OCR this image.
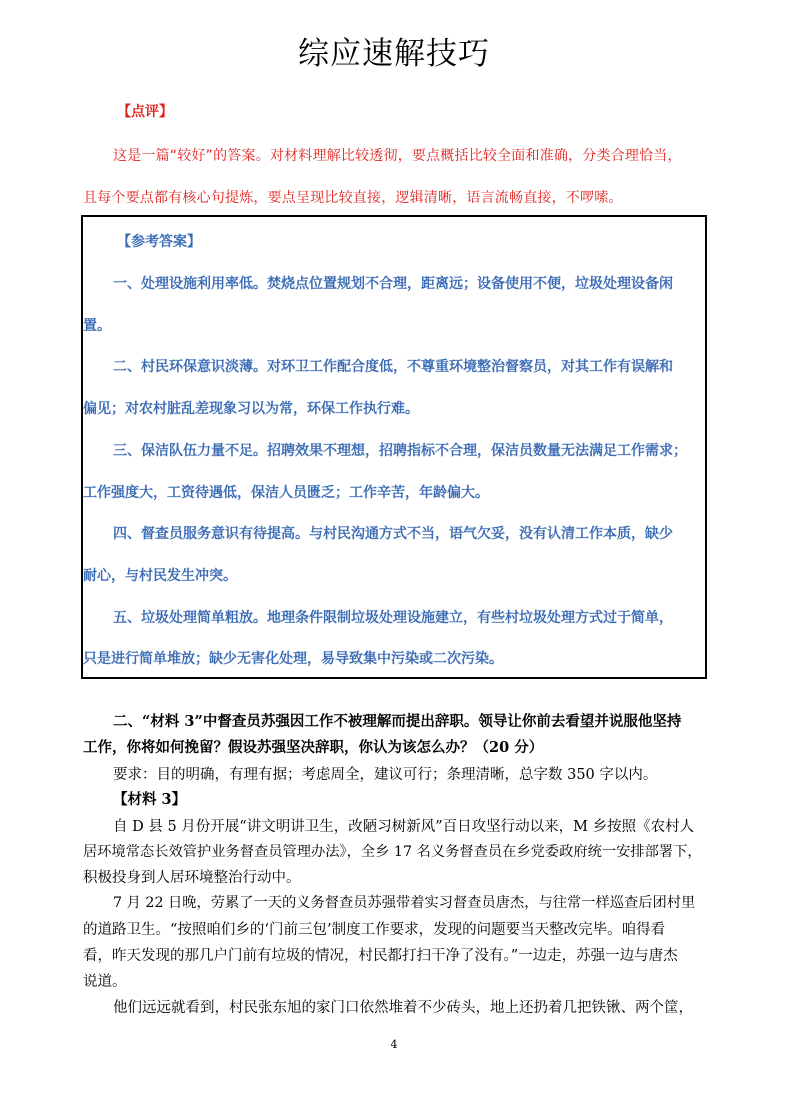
综应速解技巧
【点评】
这是一篇“较好”的答案。对材料理解比较透彻，要点概括比较全面和准确，分类合理恰当，
且每个要点都有核心句提炼，要点呈现比较直接，逻辑清晰，语言流畅直接，不啰嗦。
【参考答案】
一、处理设施利用率低。焚烧点位置规划不合理，距离远；设备使用不便，垃圾处理设备闲
置。
二、村民环保意识淡薄。对环卫工作配合度低，不尊重环境整治督察员，对其工作有误解和
偏见；对农村脏乱差现象习以为常，环保工作执行难。
三、保洁队伍力量不足。招聘效果不理想，招聘指标不合理，保洁员数量无法满足工作需求；
工作强度大，工资待遇低，保洁人员匮乏；工作辛苦，年龄偏大。
四、督查员服务意识有待提高。与村民沟通方式不当，语气欠妥，没有认清工作本质，缺少
耐心，与村民发生冲突。
五、垃圾处理简单粗放。地理条件限制垃圾处理设施建立，有些村垃圾处理方式过于简单，
只是进行简单堆放；缺少无害化处理，易导致集中污染或二次污染。
二、“材料 3”中督查员苏强因工作不被理解而提出辞职。领导让你前去看望并说服他坚持
工作，你将如何挽留？假设苏强坚决辞职，你认为该怎么办？（20 分）
要求：目的明确，有理有据；考虑周全，建议可行；条理清晰，总字数 350 字以内。
【材料 3】
自 D 县 5 月份开展“讲文明讲卫生，改陋习树新风”百日攻坚行动以来，M 乡按照《农村人
居环境常态长效管护业务督查员管理办法》，全乡 17 名义务督查员在乡党委政府统一安排部署下，
积极投身到人居环境整治行动中。
7 月 22 日晚，劳累了一天的义务督查员苏强带着实习督查员唐杰，与往常一样巡查后团村里
的道路卫生。“按照咱们乡的‘门前三包’制度工作要求，发现的问题要当天整改完毕。咱得看
看，昨天发现的那几户门前有垃圾的情况，村民都打扫干净了没有。”一边走，苏强一边与唐杰
说道。
他们远远就看到，村民张东旭的家门口依然堆着不少砖头，地上还扔着几把铁锹、两个筐，
4
